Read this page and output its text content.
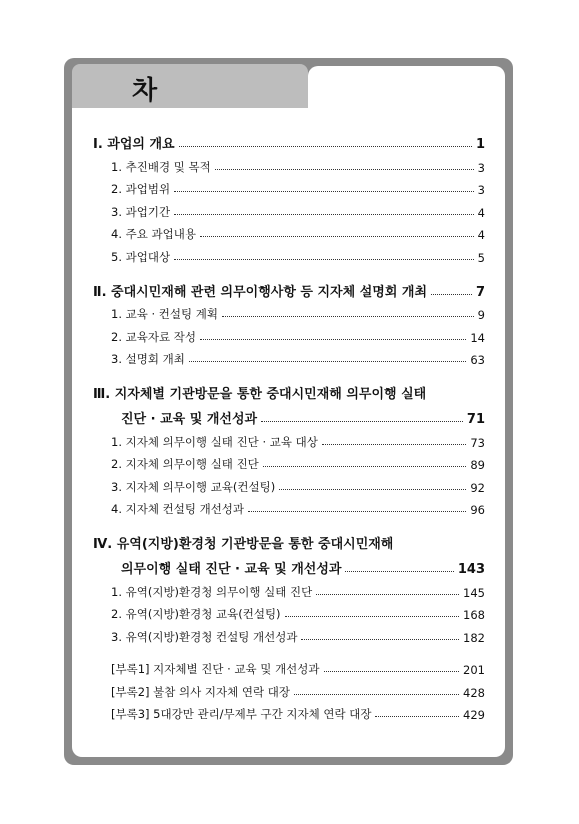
차
Ⅰ. 과업의 개요	1
1. 추진배경 및 목적	3
2. 과업범위	3
3. 과업기간	4
4. 주요 과업내용	4
5. 과업대상	5
Ⅱ. 중대시민재해 관련 의무이행사항 등 지자체 설명회 개최	7
1. 교육 · 컨설팅 계획	9
2. 교육자료 작성	14
3. 설명회 개최	63
Ⅲ. 지자체별 기관방문을 통한 중대시민재해 의무이행 실태
진단 · 교육 및 개선성과	71
1. 지자체 의무이행 실태 진단 · 교육 대상	73
2. 지자체 의무이행 실태 진단	89
3. 지자체 의무이행 교육(컨설팅)	92
4. 지자체 컨설팅 개선성과	96
Ⅳ. 유역(지방)환경청 기관방문을 통한 중대시민재해
의무이행 실태 진단 · 교육 및 개선성과	143
1. 유역(지방)환경청 의무이행 실태 진단	145
2. 유역(지방)환경청 교육(컨설팅)	168
3. 유역(지방)환경청 컨설팅 개선성과	182
[부록1] 지자체별 진단 · 교육 및 개선성과	201
[부록2] 불참 의사 지자체 연락 대장	428
[부록3] 5대강만 관리/무제부 구간 지자체 연락 대장	429
